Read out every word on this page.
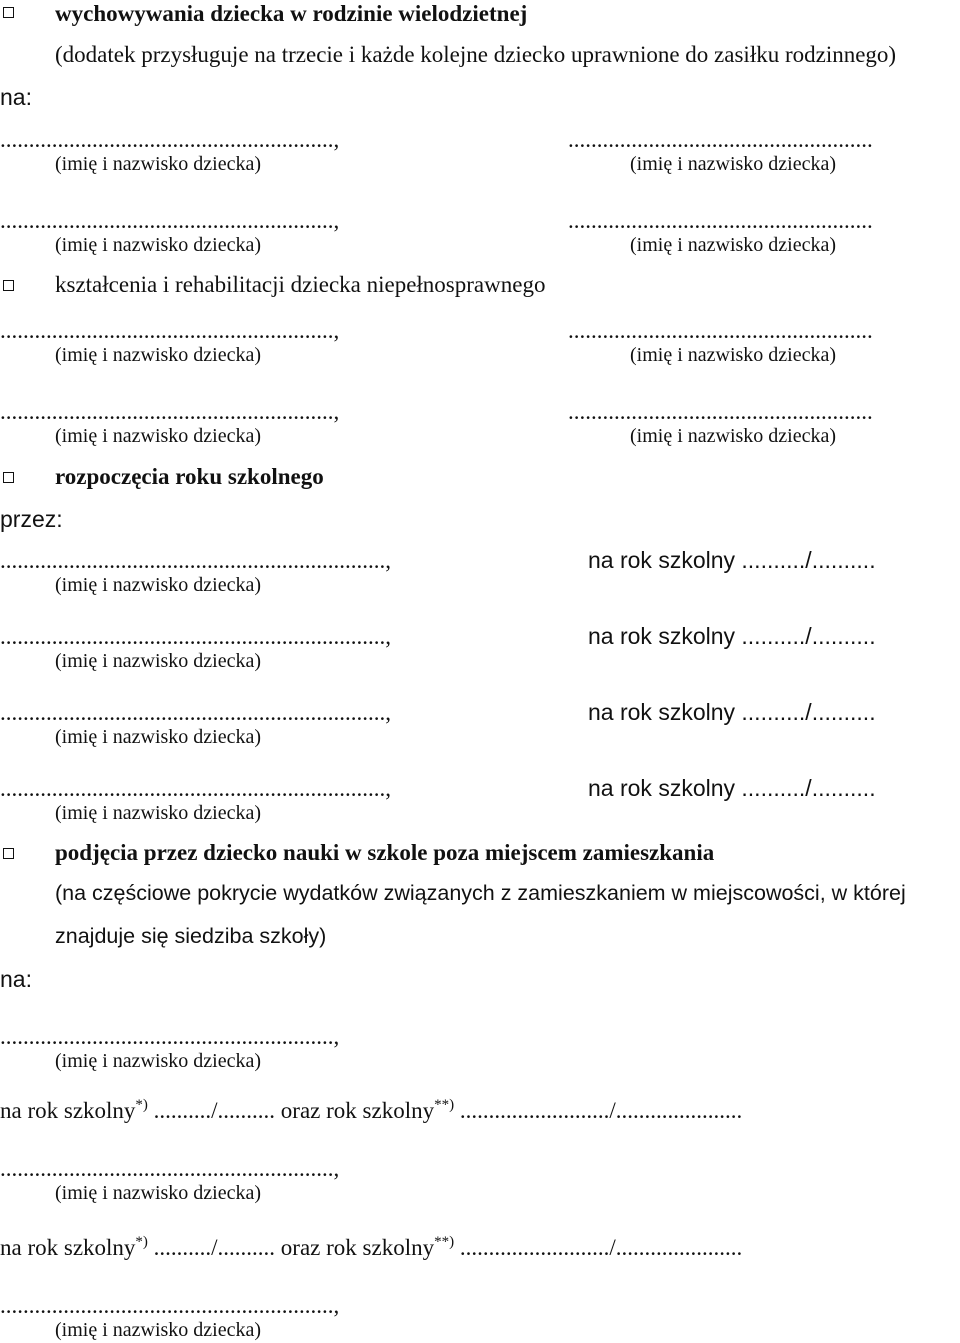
wychowywania dziecka w rodzinie wielodzietnej
(dodatek przysługuje na trzecie i każde kolejne dziecko uprawnione do zasiłku rodzinnego)
na:
..........................................................,	.....................................................
(imię i nazwisko dziecka)	(imię i nazwisko dziecka)
..........................................................,	.....................................................
(imię i nazwisko dziecka)	(imię i nazwisko dziecka)
kształcenia i rehabilitacji dziecka niepełnosprawnego
..........................................................,	.....................................................
(imię i nazwisko dziecka)	(imię i nazwisko dziecka)
..........................................................,	.....................................................
(imię i nazwisko dziecka)	(imię i nazwisko dziecka)
rozpoczęcia roku szkolnego
przez:
...................................................................,	na rok szkolny ........../..........
(imię i nazwisko dziecka)
...................................................................,	na rok szkolny ........../..........
(imię i nazwisko dziecka)
...................................................................,	na rok szkolny ........../..........
(imię i nazwisko dziecka)
...................................................................,	na rok szkolny ........../..........
(imię i nazwisko dziecka)
podjęcia przez dziecko nauki w szkole poza miejscem zamieszkania
(na częściowe pokrycie wydatków związanych z zamieszkaniem w miejscowości, w której
znajduje się siedziba szkoły)
na:
..........................................................,
(imię i nazwisko dziecka)
na rok szkolny*) ........../.......... oraz rok szkolny**) ........................../......................
..........................................................,
(imię i nazwisko dziecka)
na rok szkolny*) ........../.......... oraz rok szkolny**) ........................../......................
..........................................................,
(imię i nazwisko dziecka)
